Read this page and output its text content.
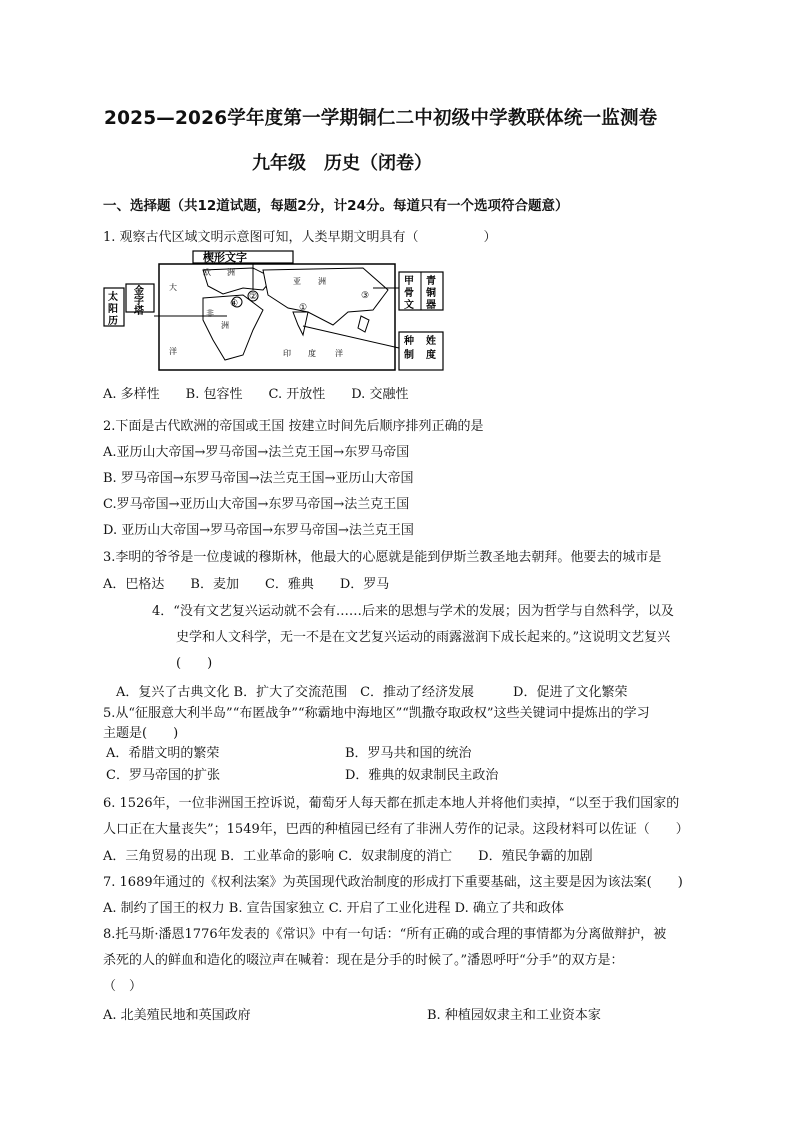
2025—2026学年度第一学期铜仁二中初级中学教联体统一监测卷
九年级　历史（闭卷）
一、选择题（共12道试题，每题2分，计24分。每道只有一个选项符合题意）
1. 观察古代区域文明示意图可知，人类早期文明具有（　　　　　）
楔形文字
太阳历
金字塔
甲骨文
青铜器
种制 姓度
欧 洲
亚 洲
大
非
洲
洋	印 度 洋
④
②
①
③
A. 多样性　　B. 包容性　　C. 开放性　　D. 交融性
2.下面是古代欧洲的帝国或王国 按建立时间先后顺序排列正确的是
A.亚历山大帝国→罗马帝国→法兰克王国→东罗马帝国
B. 罗马帝国→东罗马帝国→法兰克王国→亚历山大帝国
C.罗马帝国→亚历山大帝国→东罗马帝国→法兰克王国
D. 亚历山大帝国→罗马帝国→东罗马帝国→法兰克王国
3.李明的爷爷是一位虔诚的穆斯林，他最大的心愿就是能到伊斯兰教圣地去朝拜。他要去的城市是
A．巴格达　　B．麦加　　C．雅典　　D．罗马
4．“没有文艺复兴运动就不会有……后来的思想与学术的发展；因为哲学与自然科学，以及
史学和人文科学，无一不是在文艺复兴运动的雨露滋润下成长起来的。”这说明文艺复兴
(　　)
A．复兴了古典文化 B．扩大了交流范围　C．推动了经济发展　　　D．促进了文化繁荣
5.从“征服意大利半岛”“布匿战争”“称霸地中海地区”“凯撒夺取政权”这些关键词中提炼出的学习
主题是(　　)
A．希腊文明的繁荣	B．罗马共和国的统治
C．罗马帝国的扩张	D．雅典的奴隶制民主政治
6. 1526年，一位非洲国王控诉说，葡萄牙人每天都在抓走本地人并将他们卖掉，“以至于我们国家的
人口正在大量丧失”；1549年，巴西的种植园已经有了非洲人劳作的记录。这段材料可以佐证（　　）
A．三角贸易的出现 B．工业革命的影响 C．奴隶制度的消亡　　D．殖民争霸的加剧
7. 1689年通过的《权利法案》为英国现代政治制度的形成打下重要基础，这主要是因为该法案(　　)
A. 制约了国王的权力 B. 宣告国家独立 C. 开启了工业化进程 D. 确立了共和政体
8.托马斯·潘恩1776年发表的《常识》中有一句话：“所有正确的或合理的事情都为分离做辩护，被
杀死的人的鲜血和造化的啜泣声在喊着：现在是分手的时候了。”潘恩呼吁“分手”的双方是：
（　）
A. 北美殖民地和英国政府	B. 种植园奴隶主和工业资本家
